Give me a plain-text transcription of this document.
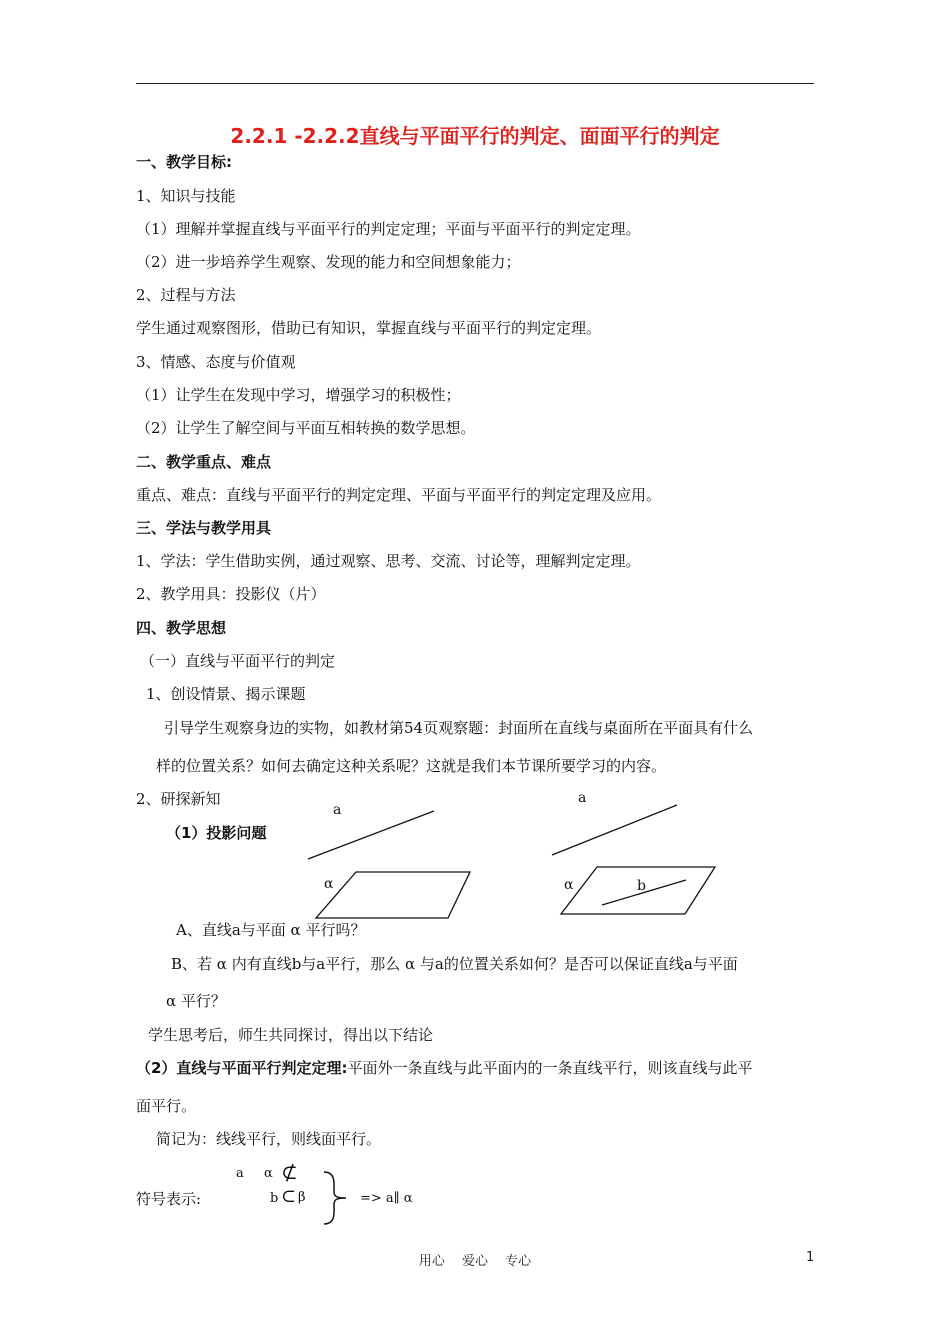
2.2.1 -2.2.2直线与平面平行的判定、面面平行的判定
一、教学目标:
1、知识与技能
（1）理解并掌握直线与平面平行的判定定理；平面与平面平行的判定定理。
（2）进一步培养学生观察、发现的能力和空间想象能力；
2、过程与方法
学生通过观察图形，借助已有知识，掌握直线与平面平行的判定定理。
3、情感、态度与价值观
（1）让学生在发现中学习，增强学习的积极性；
（2）让学生了解空间与平面互相转换的数学思想。
二、教学重点、难点
重点、难点：直线与平面平行的判定定理、平面与平面平行的判定定理及应用。
三、学法与教学用具
1、学法：学生借助实例，通过观察、思考、交流、讨论等，理解判定定理。
2、教学用具：投影仪（片）
四、教学思想
（一）直线与平面平行的判定
1、创设情景、揭示课题
引导学生观察身边的实物，如教材第54页观察题：封面所在直线与桌面所在平面具有什么
样的位置关系？如何去确定这种关系呢？这就是我们本节课所要学习的内容。
2、研探新知
（1）投影问题
a
α
a
α	b
A、直线a与平面 α 平行吗？
B、若 α 内有直线b与a平行，那么 α 与a的位置关系如何？是否可以保证直线a与平面
α 平行？
学生思考后，师生共同探讨，得出以下结论
（2）直线与平面平行判定定理:平面外一条直线与此平面内的一条直线平行，则该直线与此平
面平行。
简记为：线线平行，则线面平行。
符号表示:
a α ⊄
b ⊂ β	=> a∥ α
用心　 爱心　 专心	1
